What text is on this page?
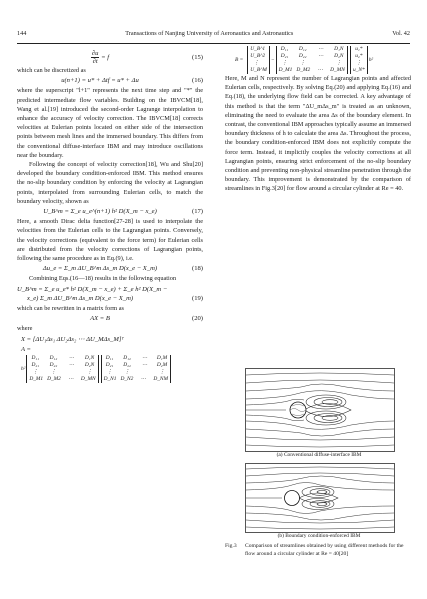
144	Transactions of Nanjing University of Aeronautics and Astronautics	Vol. 42
$\frac{\partial u}{\partial t} = f$	(15)

which can be discretized as

u(n+1) = u* + Δtf = u* + Δu	(16)

where the superscript "l+1" represents the next time step and "*" the predicted intermediate flow variables. Building on the IBVCM[18], Wang et al.[19] introduced the second-order Lagrange interpolation to enhance the accuracy of velocity correction. The IBVCM[18] corrects velocities at Eulerian points located on either side of the intersection points between mesh lines and the immersed boundary. This differs from the conventional diffuse-interface IBM and may introduce oscillations near the boundary.

Following the concept of velocity correction[18], Wu and Shu[20] developed the boundary condition-enforced IBM. This method ensures the no-slip boundary condition by enforcing the velocity at Lagrangian points, interpolated from surrounding Eulerian cells, to match the boundary velocity, shown as

U_B^m = Σ_e u_e^(n+1) h² D(X_m − x_e)	(17)

Here, a smooth Dirac delta function[27-28] is used to interpolate the velocities from the Eulerian cells to the Lagrangian points. Conversely, the velocity corrections (equivalent to the force term) for Eulerian cells are distributed from the velocity corrections of Lagrangian points, following the same procedure as in Eq.(9), i.e.

Δu_e = Σ_m ΔU_B^m Δs_m D(x_e − X_m)	(18)

Combining Eqs.(16—18) results in the following equation

U_B^m = Σ_e u_e* h² D(X_m − x_e) + Σ_e h² D(X_m −
x_e) Σ_m ΔU_B^m Δs_m D(x_e − X_m)	(19)

which can be rewritten in a matrix form as

AX = B	(20)

where

X = [ΔU₁Δs₁ ΔU₂Δs₂ ⋯ ΔU_MΔs_M]ᵀ
A =
h²
D₁₁	D₁₂	⋯	D₁N
D₂₁	D₂₂	⋯	D₂N
⋮	⋮	⋮
D_M1 D_M2	⋯	D_MN
D₁₁	D₁₂	⋯	D₁M
D₂₁	D₂₂	⋯	D₂M
⋮	⋮	⋮
D_N1 D_N2	⋯	D_NM
B =
U_B^1
U_B^2
⋮
U_B^M
−
D₁₁	D₁₂	⋯	D₁N
D₂₁	D₂₂	⋯	D₂N
⋮	⋮	⋮
D_M1 D_M2	⋯	D_MN
u₁*
u₂*
⋮
u_N*
h²

Here, M and N represent the number of Lagrangian points and affected Eulerian cells, respectively. By solving Eq.(20) and applying Eq.(16) and Eq.(18), the underlying flow field can be corrected. A key advantage of this method is that the term "ΔU_mΔs_m" is treated as an unknown, eliminating the need to evaluate the area Δs of the boundary element. In contrast, the conventional IBM approaches typically assume an immersed boundary thickness of h to calculate the area Δs. Throughout the process, the boundary condition-enforced IBM does not explicitly compute the force term. Instead, it implicitly couples the velocity corrections at all Lagrangian points, ensuring strict enforcement of the no-slip boundary condition and preventing non-physical streamline penetration through the boundary. This improvement is demonstrated by the comparison of streamlines in Fig.3[20] for flow around a circular cylinder at Re = 40.

(a) Conventional diffuse-interface IBM
(b) Boundary condition-enforced IBM
Fig.3	Comparison of streamlines obtained by using different methods for the flow around a circular cylinder at Re = 40[20]
